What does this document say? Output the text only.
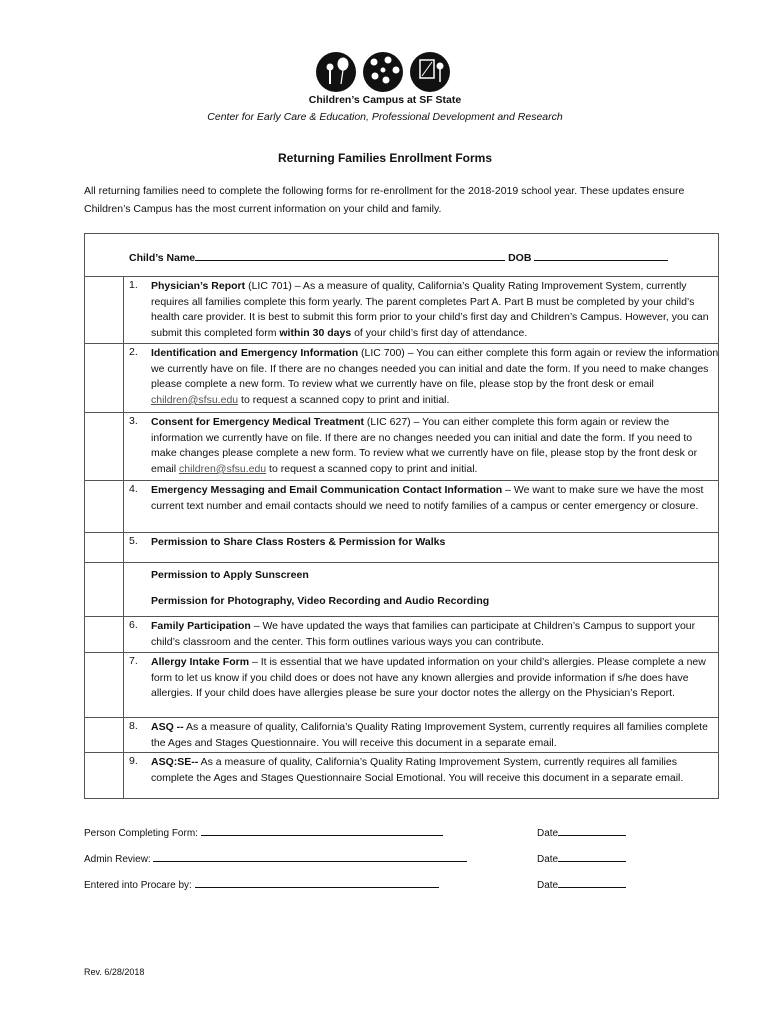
Children’s Campus at SF State
Center for Early Care & Education, Professional Development and Research
Returning Families Enrollment Forms
All returning families need to complete the following forms for re-enrollment for the 2018-2019 school year. These updates ensure Children’s Campus has the most current information on your child and family.
Child’s Name	DOB
1. Physician’s Report (LIC 701) – As a measure of quality, California’s Quality Rating Improvement System, currently requires all families complete this form yearly. The parent completes Part A. Part B must be completed by your child’s health care provider. It is best to submit this form prior to your child’s first day and Children’s Campus. However, you can submit this completed form within 30 days of your child’s first day of attendance.
2. Identification and Emergency Information (LIC 700) – You can either complete this form again or review the information we currently have on file. If there are no changes needed you can initial and date the form. If you need to make changes please complete a new form. To review what we currently have on file, please stop by the front desk or email children@sfsu.edu to request a scanned copy to print and initial.
3. Consent for Emergency Medical Treatment (LIC 627) – You can either complete this form again or review the information we currently have on file. If there are no changes needed you can initial and date the form. If you need to make changes please complete a new form. To review what we currently have on file, please stop by the front desk or email children@sfsu.edu to request a scanned copy to print and initial.
4. Emergency Messaging and Email Communication Contact Information – We want to make sure we have the most current text number and email contacts should we need to notify families of a campus or center emergency or closure.
5. Permission to Share Class Rosters & Permission for Walks
Permission to Apply Sunscreen
Permission for Photography, Video Recording and Audio Recording
6. Family Participation – We have updated the ways that families can participate at Children’s Campus to support your child’s classroom and the center. This form outlines various ways you can contribute.
7. Allergy Intake Form – It is essential that we have updated information on your child’s allergies. Please complete a new form to let us know if you child does or does not have any known allergies and provide information if s/he does have allergies. If your child does have allergies please be sure your doctor notes the allergy on the Physician’s Report.
8. ASQ -- As a measure of quality, California’s Quality Rating Improvement System, currently requires all families complete the Ages and Stages Questionnaire. You will receive this document in a separate email.
9. ASQ:SE-- As a measure of quality, California’s Quality Rating Improvement System, currently requires all families complete the Ages and Stages Questionnaire Social Emotional. You will receive this document in a separate email.
Person Completing Form:	Date
Admin Review:	Date
Entered into Procare by:	Date
Rev. 6/28/2018
